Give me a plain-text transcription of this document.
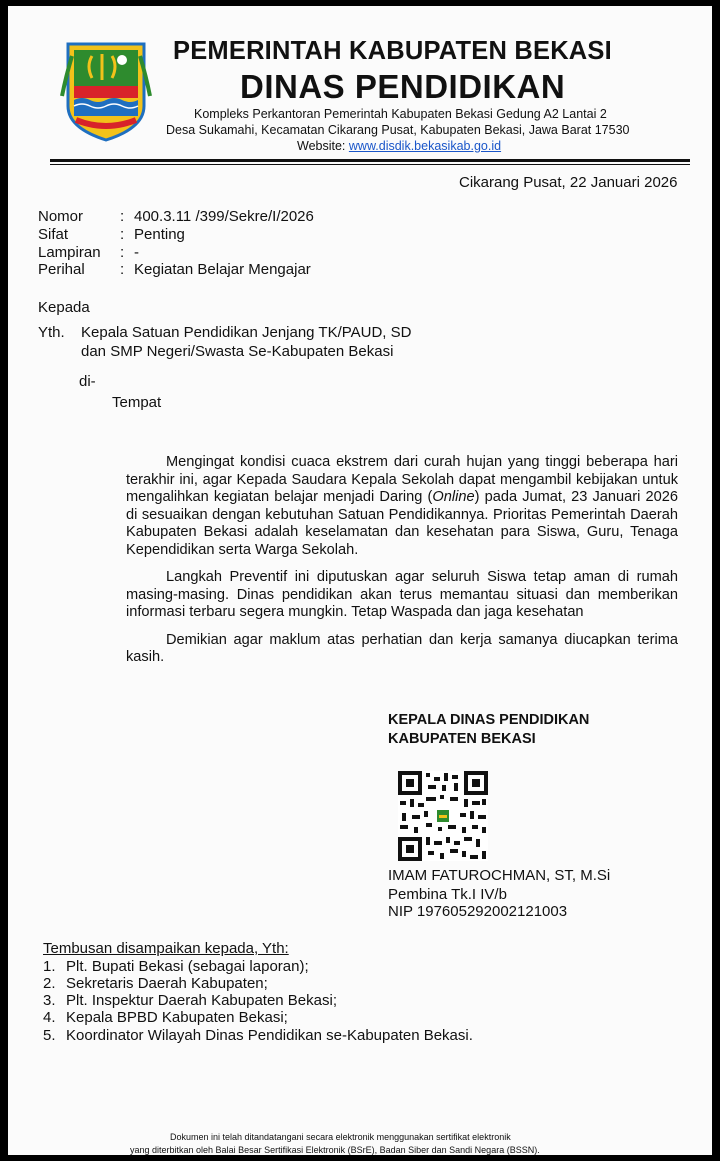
PEMERINTAH KABUPATEN BEKASI
DINAS PENDIDIKAN
Kompleks Perkantoran Pemerintah Kabupaten Bekasi Gedung A2 Lantai 2
Desa Sukamahi, Kecamatan Cikarang Pusat, Kabupaten Bekasi, Jawa Barat 17530
Website: www.disdik.bekasikab.go.id
Cikarang Pusat, 22 Januari 2026
Nomor : 400.3.11 /399/Sekre/I/2026
Sifat	: Penting
Lampiran : -
Perihal : Kegiatan Belajar Mengajar
Kepada
Yth. Kepala Satuan Pendidikan Jenjang TK/PAUD, SD
dan SMP Negeri/Swasta Se-Kabupaten Bekasi
di-
Tempat

Mengingat kondisi cuaca ekstrem dari curah hujan yang tinggi beberapa hari terakhir ini, agar Kepada Saudara Kepala Sekolah dapat mengambil kebijakan untuk mengalihkan kegiatan belajar menjadi Daring (Online) pada Jumat, 23 Januari 2026 di sesuaikan dengan kebutuhan Satuan Pendidikannya. Prioritas Pemerintah Daerah Kabupaten Bekasi adalah keselamatan dan kesehatan para Siswa, Guru, Tenaga Kependidikan serta Warga Sekolah.

Langkah Preventif ini diputuskan agar seluruh Siswa tetap aman di rumah masing-masing. Dinas pendidikan akan terus memantau situasi dan memberikan informasi terbaru segera mungkin. Tetap Waspada dan jaga kesehatan

Demikian agar maklum atas perhatian dan kerja samanya diucapkan terima kasih.

KEPALA DINAS PENDIDIKAN
KABUPATEN BEKASI
IMAM FATUROCHMAN, ST, M.Si
Pembina Tk.I IV/b
NIP 197605292002121003
Tembusan disampaikan kepada, Yth:
1. Plt. Bupati Bekasi (sebagai laporan);
2. Sekretaris Daerah Kabupaten;
3. Plt. Inspektur Daerah Kabupaten Bekasi;
4. Kepala BPBD Kabupaten Bekasi;
5. Koordinator Wilayah Dinas Pendidikan se-Kabupaten Bekasi.
Dokumen ini telah ditandatangani secara elektronik menggunakan sertifikat elektronik
yang diterbitkan oleh Balai Besar Sertifikasi Elektronik (BSrE), Badan Siber dan Sandi Negara (BSSN).
